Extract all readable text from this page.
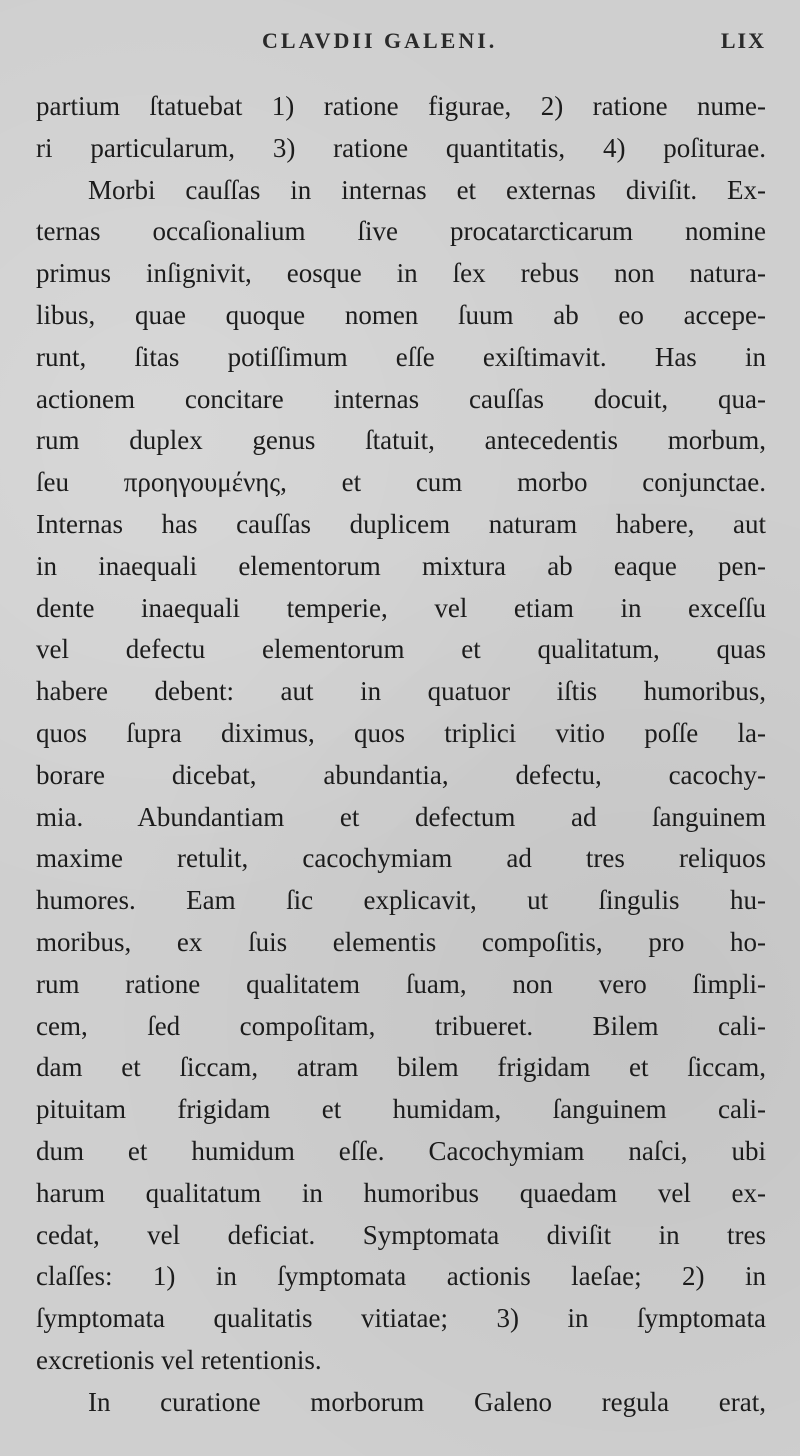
CLAVDII GALENI.	LIX
partium ſtatuebat 1) ratione figurae, 2) ratione nume-
ri particularum, 3) ratione quantitatis, 4) poſiturae.
Morbi cauſſas in internas et externas diviſit. Ex-
ternas occaſionalium ſive procatarcticarum nomine
primus inſignivit, eosque in ſex rebus non natura-
libus, quae quoque nomen ſuum ab eo accepe-
runt, ſitas potiſſimum eſſe exiſtimavit. Has in
actionem concitare internas cauſſas docuit, qua-
rum duplex genus ſtatuit, antecedentis morbum,
ſeu προηγουμένης, et cum morbo conjunctae.
Internas has cauſſas duplicem naturam habere, aut
in inaequali elementorum mixtura ab eaque pen-
dente inaequali temperie, vel etiam in exceſſu
vel defectu elementorum et qualitatum, quas
habere debent: aut in quatuor iſtis humoribus,
quos ſupra diximus, quos triplici vitio poſſe la-
borare dicebat, abundantia, defectu, cacochy-
mia. Abundantiam et defectum ad ſanguinem
maxime retulit, cacochymiam ad tres reliquos
humores. Eam ſic explicavit, ut ſingulis hu-
moribus, ex ſuis elementis compoſitis, pro ho-
rum ratione qualitatem ſuam, non vero ſimpli-
cem, ſed compoſitam, tribueret. Bilem cali-
dam et ſiccam, atram bilem frigidam et ſiccam,
pituitam frigidam et humidam, ſanguinem cali-
dum et humidum eſſe. Cacochymiam naſci, ubi
harum qualitatum in humoribus quaedam vel ex-
cedat, vel deficiat. Symptomata diviſit in tres
claſſes: 1) in ſymptomata actionis laeſae; 2) in
ſymptomata qualitatis vitiatae; 3) in ſymptomata
excretionis vel retentionis.
In curatione morborum Galeno regula erat,
